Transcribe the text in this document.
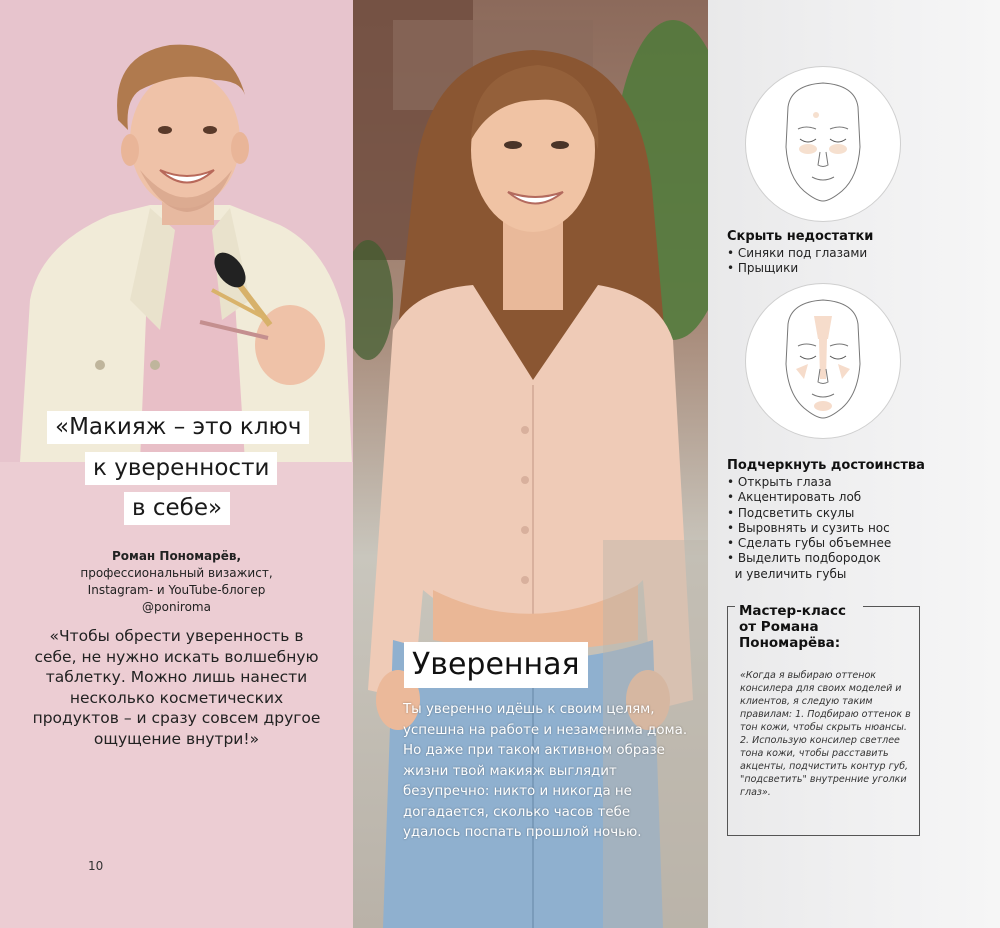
«Макияж – это ключ
к уверенности
в себе»
Роман Пономарёв,
профессиональный визажист,
Instagram- и YouTube-блогер
@poniroma
«Чтобы обрести уверенность в себе, не нужно искать волшебную таблетку. Можно лишь нанести несколько косметических продуктов – и сразу совсем другое ощущение внутри!»
10
Уверенная
Ты уверенно идёшь к своим целям, успешна на работе и незаменима дома. Но даже при таком активном образе жизни твой макияж выглядит безупречно: никто и никогда не догадается, сколько часов тебе удалось поспать прошлой ночью.
Скрыть недостатки
• Синяки под глазами
• Прыщики
Подчеркнуть достоинства
• Открыть глаза
• Акцентировать лоб
• Подсветить скулы
• Выровнять и сузить нос
• Сделать губы объемнее
• Выделить подбородок
и увеличить губы
Мастер-класс
от Романа
Пономарёва:
«Когда я выбираю оттенок консилера для своих моделей и клиентов, я следую таким правилам: 1. Подбираю оттенок в тон кожи, чтобы скрыть нюансы. 2. Использую консилер светлее тона кожи, чтобы расставить акценты, подчистить контур губ, "подсветить" внутренние уголки глаз».
